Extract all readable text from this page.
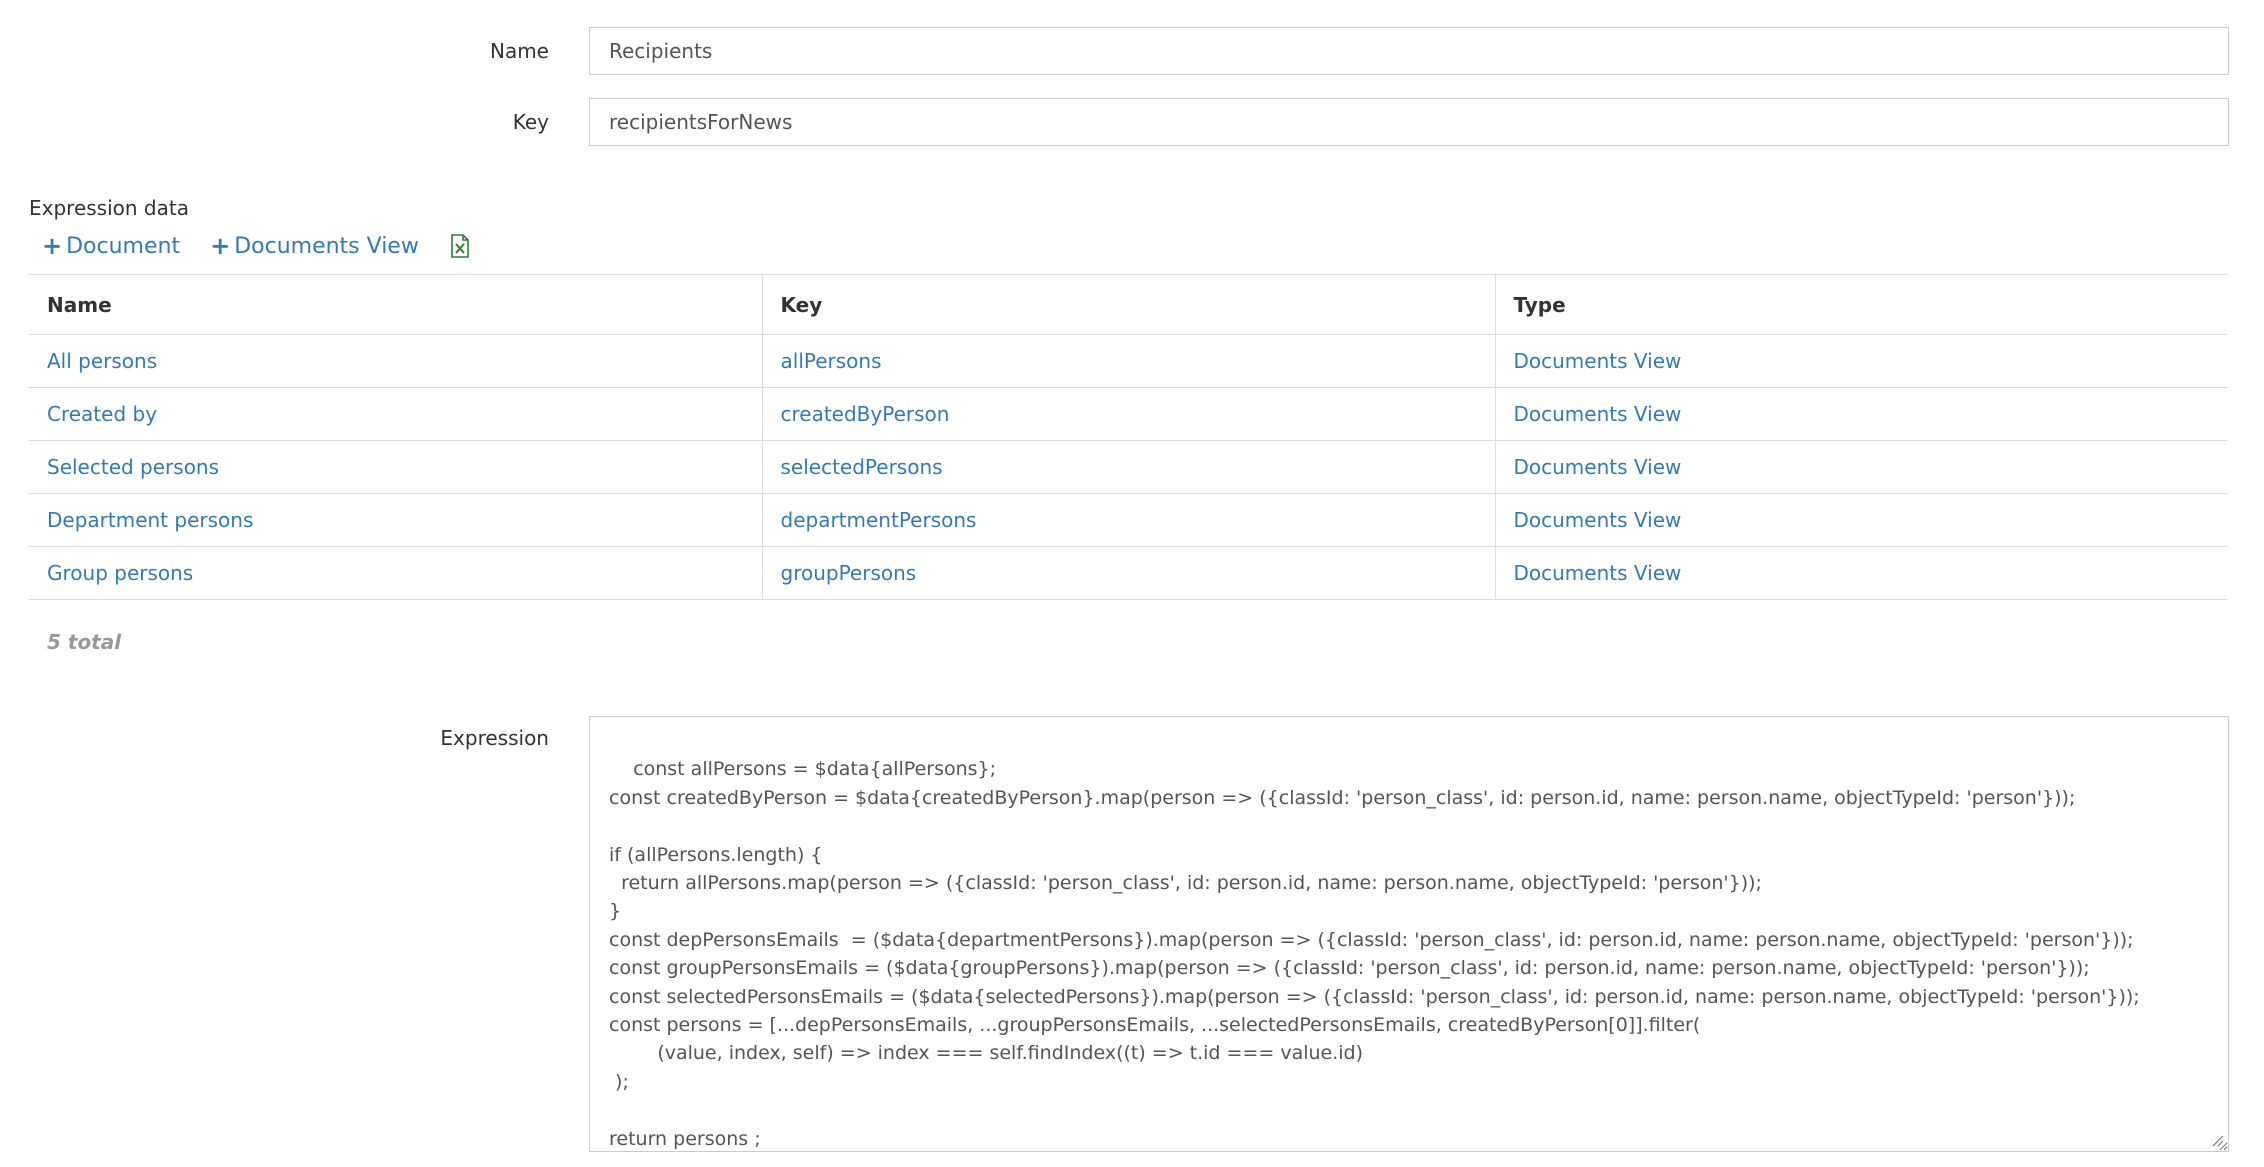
Name
Recipients
Key
recipientsForNews
Expression data
+ Document + Documents View
Name	Key	Type
All persons	allPersons	Documents View
Created by	createdByPerson	Documents View
Selected persons	selectedPersons	Documents View
Department persons	departmentPersons	Documents View
Group persons	groupPersons	Documents View
5 total
Expression

const allPersons = $data{allPersons};
const createdByPerson = $data{createdByPerson}.map(person => ({classId: 'person_class', id: person.id, name: person.name, objectTypeId: 'person'}));

if (allPersons.length) {
return allPersons.map(person => ({classId: 'person_class', id: person.id, name: person.name, objectTypeId: 'person'}));
}
const depPersonsEmails  = ($data{departmentPersons}).map(person => ({classId: 'person_class', id: person.id, name: person.name, objectTypeId: 'person'}));
const groupPersonsEmails = ($data{groupPersons}).map(person => ({classId: 'person_class', id: person.id, name: person.name, objectTypeId: 'person'}));
const selectedPersonsEmails = ($data{selectedPersons}).map(person => ({classId: 'person_class', id: person.id, name: person.name, objectTypeId: 'person'}));
const persons = [...depPersonsEmails, ...groupPersonsEmails, ...selectedPersonsEmails, createdByPerson[0]].filter(
(value, index, self) => index === self.findIndex((t) => t.id === value.id)
);

return persons ;
